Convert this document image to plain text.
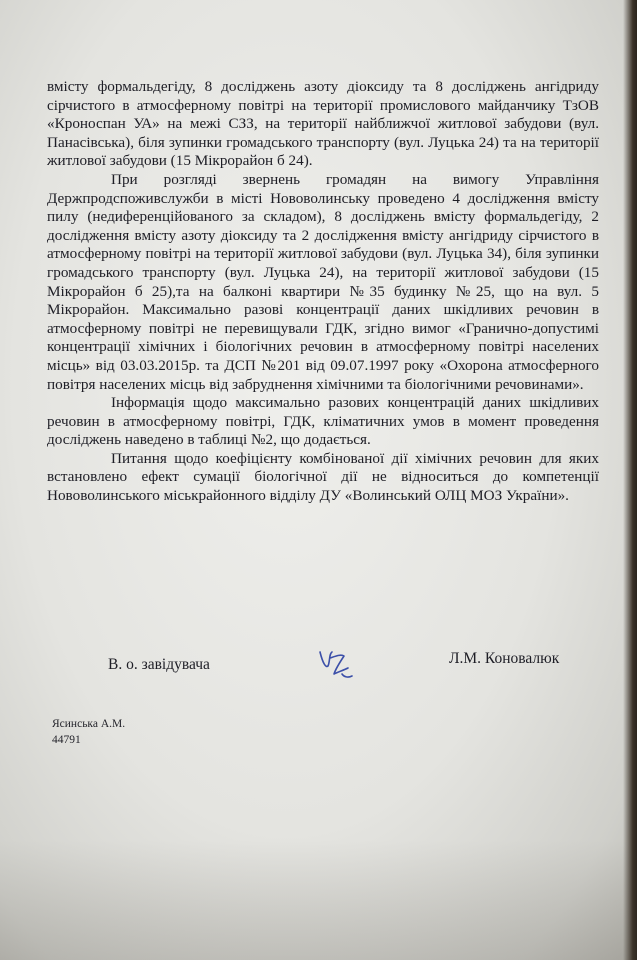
вмісту формальдегіду, 8 досліджень азоту діоксиду та 8 досліджень ангідриду сірчистого в атмосферному повітрі на території промислового майданчику ТзОВ «Кроноспан УА» на межі СЗЗ, на території найближчої житлової забудови (вул. Панасівська), біля зупинки громадського транспорту (вул. Луцька 24) та на території житлової забудови (15 Мікрорайон б 24).

При розгляді звернень громадян на вимогу Управління Держпродспоживслужби в місті Нововолинську проведено 4 дослідження вмісту пилу (недиференційованого за складом), 8 досліджень вмісту формальдегіду, 2 дослідження вмісту азоту діоксиду та 2 дослідження вмісту ангідриду сірчистого в атмосферному повітрі на території житлової забудови (вул. Луцька 34), біля зупинки громадського транспорту (вул. Луцька 24), на території житлової забудови (15 Мікрорайон б 25),та на балконі квартири №35 будинку №25, що на вул. 5 Мікрорайон. Максимально разові концентрації даних шкідливих речовин в атмосферному повітрі не перевищували ГДК, згідно вимог «Гранично-допустимі концентрації хімічних і біологічних речовин в атмосферному повітрі населених місць» від 03.03.2015р. та ДСП №201 від 09.07.1997 року «Охорона атмосферного повітря населених місць від забруднення хімічними та біологічними речовинами».

Інформація щодо максимально разових концентрацій даних шкідливих речовин в атмосферному повітрі, ГДК, кліматичних умов в момент проведення досліджень наведено в таблиці №2, що додається.

Питання щодо коефіцієнту комбінованої дії хімічних речовин для яких встановлено ефект сумації біологічної дії не відноситься до компетенції Нововолинського міськрайонного відділу ДУ «Волинський ОЛЦ МОЗ України».

В. о. завідувача	Л.М. Коновалюк
Ясинська А.М.
44791
